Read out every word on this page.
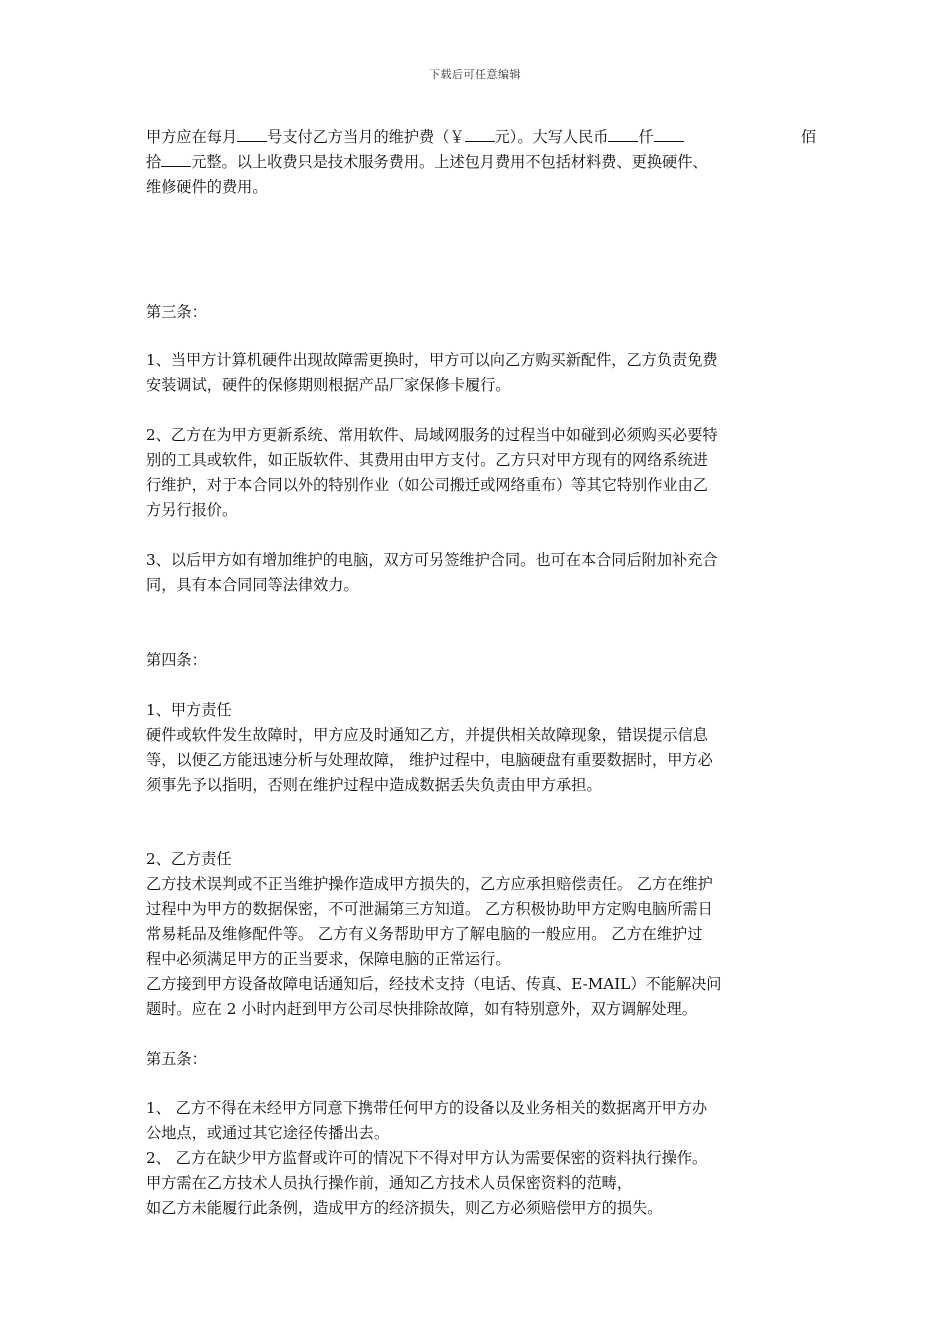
下载后可任意编辑

甲方应在每月 号支付乙方当月的维护费（￥ 元）。大写人民币 仟	佰

拾 元整。以上收费只是技术服务费用。上述包月费用不包括材料费、更换硬件、

维修硬件的费用。

第三条：

1、当甲方计算机硬件出现故障需更换时，甲方可以向乙方购买新配件，乙方负责免费

安装调试，硬件的保修期则根据产品厂家保修卡履行。

2、乙方在为甲方更新系统、常用软件、局域网服务的过程当中如碰到必须购买必要特

别的工具或软件，如正版软件、其费用由甲方支付。乙方只对甲方现有的网络系统进

行维护，对于本合同以外的特别作业（如公司搬迁或网络重布）等其它特别作业由乙

方另行报价。

3、以后甲方如有增加维护的电脑，双方可另签维护合同。也可在本合同后附加补充合

同，具有本合同同等法律效力。

第四条：

1、甲方责任

硬件或软件发生故障时，甲方应及时通知乙方，并提供相关故障现象，错误提示信息

等，以便乙方能迅速分析与处理故障， 维护过程中，电脑硬盘有重要数据时，甲方必

须事先予以指明，否则在维护过程中造成数据丢失负责由甲方承担。

2、乙方责任

乙方技术误判或不正当维护操作造成甲方损失的，乙方应承担赔偿责任。 乙方在维护

过程中为甲方的数据保密，不可泄漏第三方知道。 乙方积极协助甲方定购电脑所需日

常易耗品及维修配件等。 乙方有义务帮助甲方了解电脑的一般应用。 乙方在维护过

程中必须满足甲方的正当要求，保障电脑的正常运行。

乙方接到甲方设备故障电话通知后，经技术支持（电话、传真、E-MAIL）不能解决问

题时。应在 2 小时内赶到甲方公司尽快排除故障，如有特别意外，双方调解处理。

第五条：

1、 乙方不得在未经甲方同意下携带任何甲方的设备以及业务相关的数据离开甲方办

公地点，或通过其它途径传播出去。

2、 乙方在缺少甲方监督或许可的情况下不得对甲方认为需要保密的资料执行操作。

甲方需在乙方技术人员执行操作前，通知乙方技术人员保密资料的范畴，

如乙方未能履行此条例，造成甲方的经济损失，则乙方必须赔偿甲方的损失。
